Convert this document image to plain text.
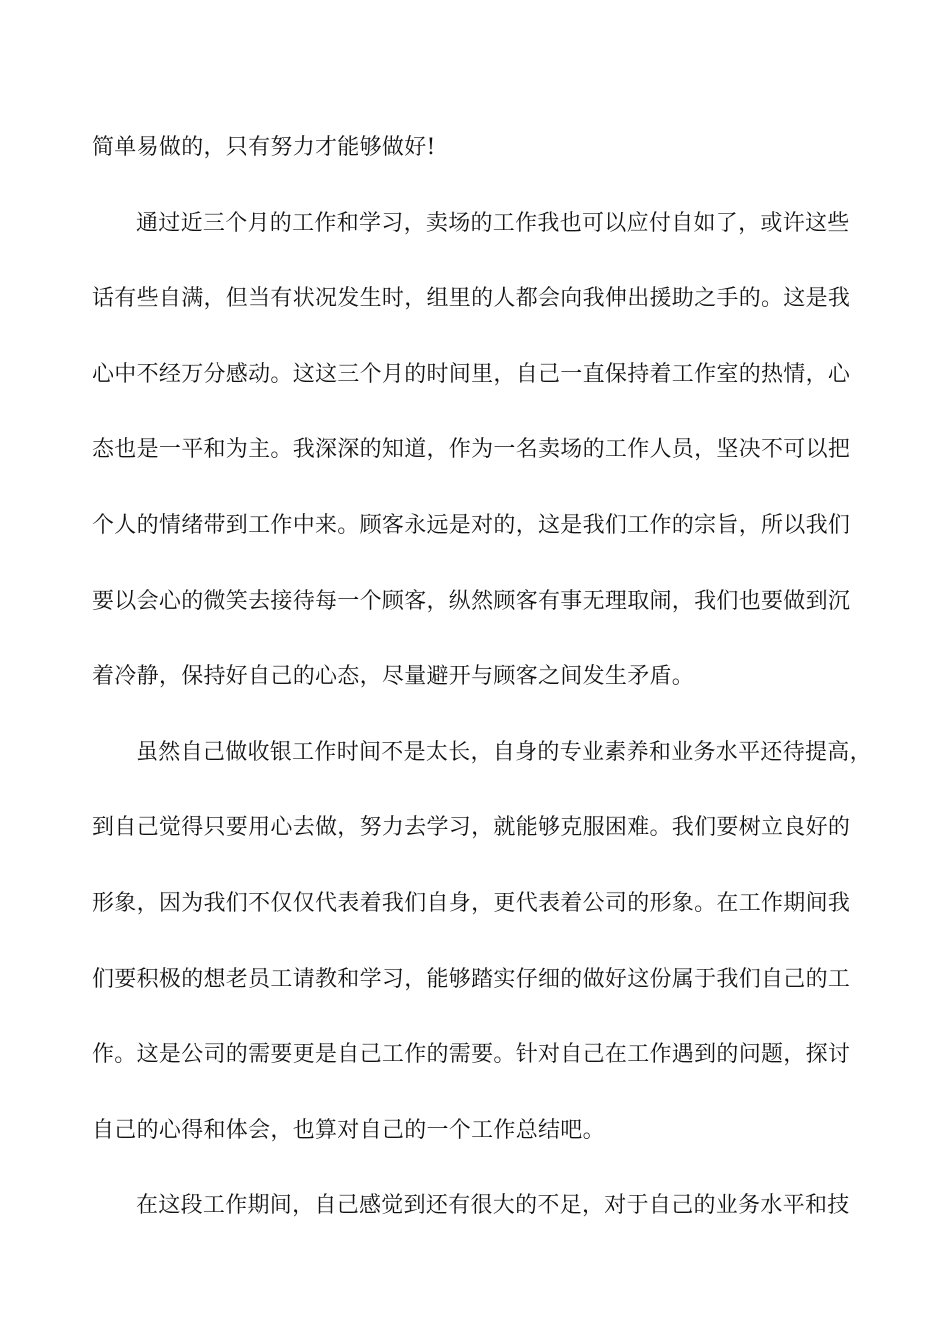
简单易做的，只有努力才能够做好!
通过近三个月的工作和学习，卖场的工作我也可以应付自如了，或许这些
话有些自满，但当有状况发生时，组里的人都会向我伸出援助之手的。这是我
心中不经万分感动。这这三个月的时间里，自己一直保持着工作室的热情，心
态也是一平和为主。我深深的知道，作为一名卖场的工作人员，坚决不可以把
个人的情绪带到工作中来。顾客永远是对的，这是我们工作的宗旨，所以我们
要以会心的微笑去接待每一个顾客，纵然顾客有事无理取闹，我们也要做到沉
着冷静，保持好自己的心态，尽量避开与顾客之间发生矛盾。
虽然自己做收银工作时间不是太长，自身的专业素养和业务水平还待提高，
到自己觉得只要用心去做，努力去学习，就能够克服困难。我们要树立良好的
形象，因为我们不仅仅代表着我们自身，更代表着公司的形象。在工作期间我
们要积极的想老员工请教和学习，能够踏实仔细的做好这份属于我们自己的工
作。这是公司的需要更是自己工作的需要。针对自己在工作遇到的问题，探讨
自己的心得和体会，也算对自己的一个工作总结吧。
在这段工作期间，自己感觉到还有很大的不足，对于自己的业务水平和技
